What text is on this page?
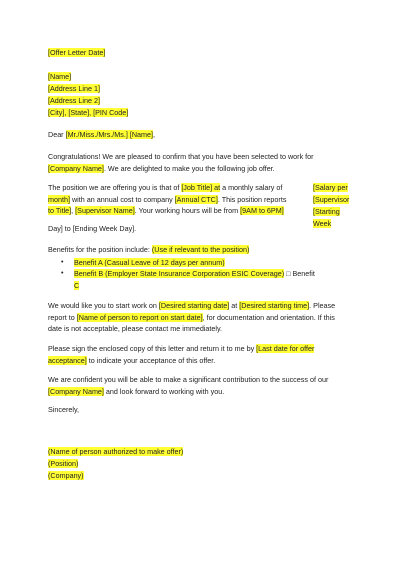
[Offer Letter Date]
[Name]
[Address Line 1]
[Address Line 2]
[City], [State], [PIN Code]
Dear [Mr./Miss./Mrs./Ms.] [Name],
Congratulations! We are pleased to confirm that you have been selected to work for
[Company Name]. We are delighted to make you the following job offer.
The position we are offering you is that of [Job Title] at a monthly salary of
month] with an annual cost to company [Annual CTC]. This position reports
to Title], [Supervisor Name]. Your working hours will be from [9AM to 6PM]
[Salary per
[Supervisor
[Starting Week
Day] to [Ending Week Day].
Benefits for the position include: (Use if relevant to the position)
• Benefit A (Casual Leave of 12 days per annum)
• Benefit B (Employer State Insurance Corporation ESIC Coverage) □ Benefit
C
We would like you to start work on [Desired starting date] at [Desired starting time]. Please
report to [Name of person to report on start date], for documentation and orientation. If this
date is not acceptable, please contact me immediately.
Please sign the enclosed copy of this letter and return it to me by [Last date for offer
acceptance] to indicate your acceptance of this offer.
We are confident you will be able to make a significant contribution to the success of our
[Company Name] and look forward to working with you.
Sincerely,
(Name of person authorized to make offer)
(Position)
(Company)
